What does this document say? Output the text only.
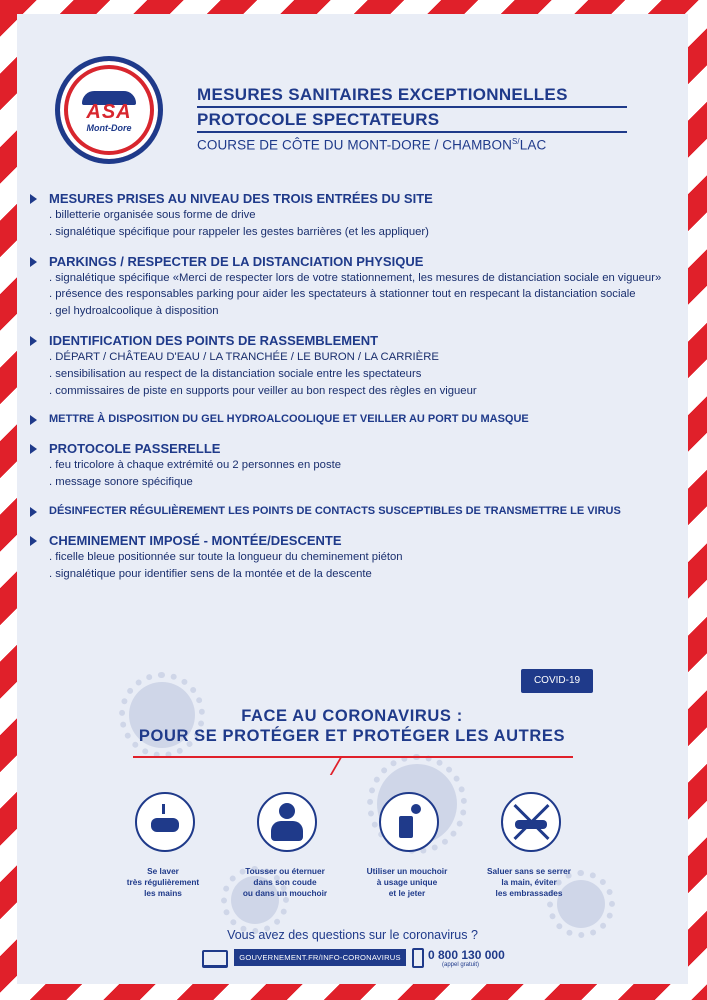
ASA
Mont-Dore
MESURES SANITAIRES EXCEPTIONNELLES
PROTOCOLE SPECTATEURS
COURSE DE CÔTE DU MONT-DORE / $CHAMBON^{S/}LAC$
MESURES PRISES AU NIVEAU DES TROIS ENTRÉES DU SITE
. billetterie organisée sous forme de drive
. signalétique spécifique pour rappeler les gestes barrières (et les appliquer)
PARKINGS / RESPECTER DE LA DISTANCIATION PHYSIQUE
. signalétique spécifique «Merci de respecter lors de votre stationnement, les mesures de distanciation sociale en vigueur»
. présence des responsables parking pour aider les spectateurs à stationner tout en respecant la distanciation sociale
. gel hydroalcoolique à disposition
IDENTIFICATION DES POINTS DE RASSEMBLEMENT
. DÉPART / CHÂTEAU D'EAU / LA TRANCHÉE / LE BURON / LA CARRIÈRE
. sensibilisation au respect de la distanciation sociale entre les spectateurs
. commissaires de piste en supports pour veiller au bon respect des règles en vigueur
METTRE À DISPOSITION DU GEL HYDROALCOOLIQUE ET VEILLER AU PORT DU MASQUE
PROTOCOLE PASSERELLE
. feu tricolore à chaque extrémité ou 2 personnes en poste
. message sonore spécifique
DÉSINFECTER RÉGULIÈREMENT LES POINTS DE CONTACTS SUSCEPTIBLES DE TRANSMETTRE LE VIRUS
CHEMINEMENT IMPOSÉ - MONTÉE/DESCENTE
. ficelle bleue positionnée sur toute la longueur du cheminement piéton
. signalétique pour identifier sens de la montée et de la descente
COVID-19
FACE AU CORONAVIRUS :
POUR SE PROTÉGER ET PROTÉGER LES AUTRES
Se laver
très régulièrement
les mains
Tousser ou éternuer
dans son coude
ou dans un mouchoir
Utiliser un mouchoir
à usage unique
et le jeter
Saluer sans se serrer
la main, éviter
les embrassades
Vous avez des questions sur le coronavirus ?
GOUVERNEMENT.FR/INFO-CORONAVIRUS	0 800 130 000
(appel gratuit)
